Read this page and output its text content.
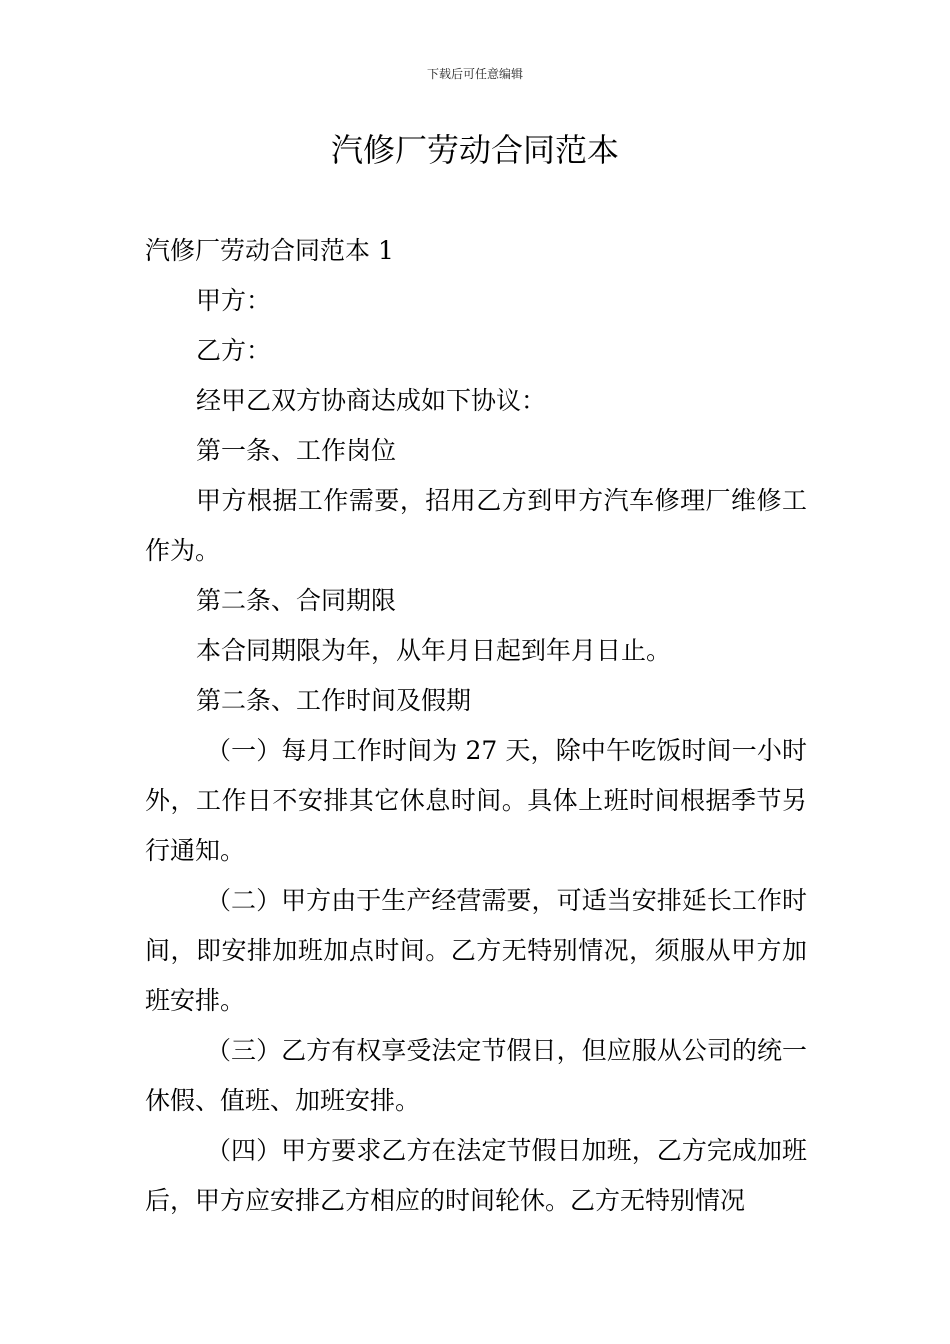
下载后可任意编辑
汽修厂劳动合同范本

汽修厂劳动合同范本 1

甲方：

乙方：

经甲乙双方协商达成如下协议：

第一条、工作岗位

甲方根据工作需要，招用乙方到甲方汽车修理厂维修工作为。

第二条、合同期限

本合同期限为年，从年月日起到年月日止。

第二条、工作时间及假期

（一）每月工作时间为 27 天，除中午吃饭时间一小时外，工作日不安排其它休息时间。具体上班时间根据季节另行通知。

（二）甲方由于生产经营需要，可适当安排延长工作时间，即安排加班加点时间。乙方无特别情况，须服从甲方加班安排。

（三）乙方有权享受法定节假日，但应服从公司的统一休假、值班、加班安排。

（四）甲方要求乙方在法定节假日加班，乙方完成加班后，甲方应安排乙方相应的时间轮休。乙方无特别情况
